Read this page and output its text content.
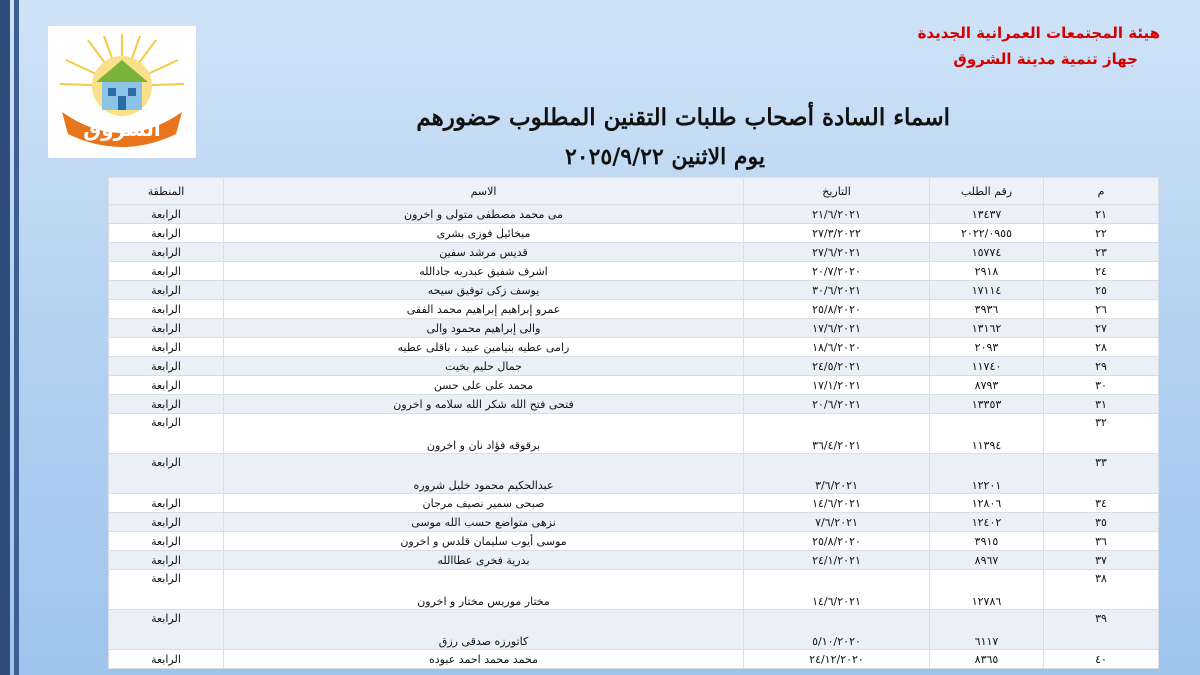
الشروق
هيئة المجتمعات العمرانية الجديدة
جهاز تنمية مدينة الشروق
اسماء السادة أصحاب طلبات التقنين المطلوب حضورهم
يوم الاثنين ٢٠٢٥/٩/٢٢
م	رقم الطلب	التاريخ	الاسم	المنطقة
٢١	١٣٤٣٧	٢١/٦/٢٠٢١	مى محمد مصطفى متولى و اخرون	الرابعة
٢٢	٢٠٢٢/٠٩٥٥	٢٧/٣/٢٠٢٢	ميخائيل فوزى بشرى	الرابعة
٢٣	١٥٧٧٤	٢٧/٦/٢٠٢١	قديس مرشد سفين	الرابعة
٢٤	٢٩١٨	٢٠/٧/٢٠٢٠	اشرف شفيق عبدربه جادالله	الرابعة
٢٥	١٧١١٤	٣٠/٦/٢٠٢١	يوسف زكى توفيق سيحه	الرابعة
٢٦	٣٩٣٦	٢٥/٨/٢٠٢٠	عمرو إبراهيم إبراهيم محمد الفقى	الرابعة
٢٧	١٣١٦٢	١٧/٦/٢٠٢١	والى إبراهيم محمود والى	الرابعة
٢٨	٢٠٩٣	١٨/٦/٢٠٢٠	رامى عطيه بنيامين عبيد ، باقلى عطيه	الرابعة
٢٩	١١٧٤٠	٢٤/٥/٢٠٢١	جمال حليم بخيت	الرابعة
٣٠	٨٧٩٣	١٧/١/٢٠٢١	محمد على على حسن	الرابعة
٣١	١٣٣٥٣	٢٠/٦/٢٠٢١	فتحى فتح الله شكر الله سلامه و اخرون	الرابعة
٣٢	١١٣٩٤	٣٦/٤/٢٠٢١	برقوقه فؤاد نان و اخرون	الرابعة
٣٣	١٢٢٠١	٣/٦/٢٠٢١	عبدالحكيم محمود خليل شروره	الرابعة
٣٤	١٢٨٠٦	١٤/٦/٢٠٢١	صبحى سمير نصيف مرجان	الرابعة
٣٥	١٢٤٠٢	٧/٦/٢٠٢١	نزهى متواضع حسب الله موسى	الرابعة
٣٦	٣٩١٥	٢٥/٨/٢٠٢٠	موسى أيوب سليمان قلدس و اخرون	الرابعة
٣٧	٨٩٦٧	٢٤/١/٢٠٢١	بدرية فخرى عطاالله	الرابعة
٣٨	١٢٧٨٦	١٤/٦/٢٠٢١	مختار موريس مختار و اخرون	الرابعة
٣٩	٦١١٧	٥/١٠/٢٠٢٠	كاتورزه صدقى رزق	الرابعة
٤٠	٨٣٦٥	٢٤/١٢/٢٠٢٠	محمد محمد احمد عبوده	الرابعة
